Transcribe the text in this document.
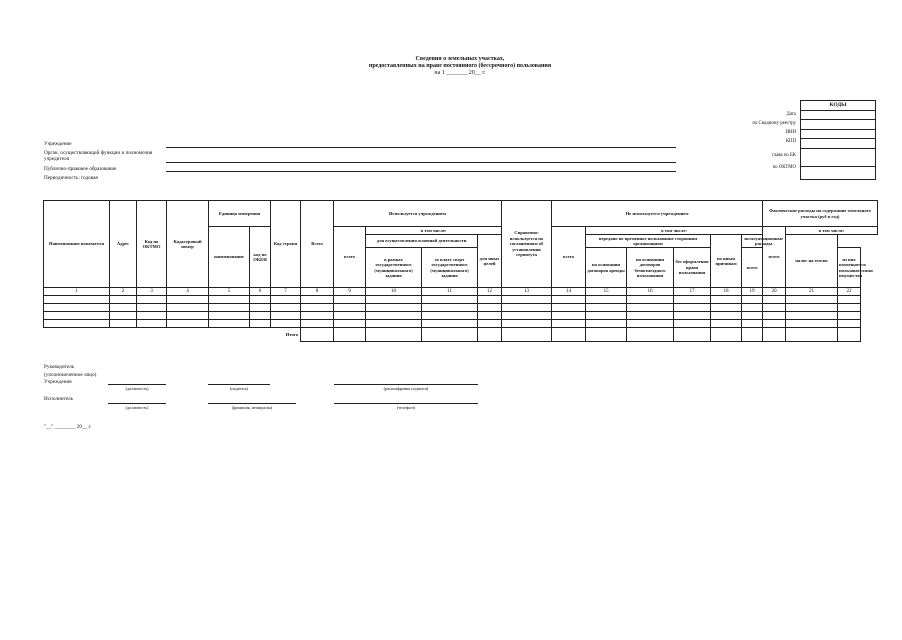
Сведения о земельных участках,
предоставленных на праве постоянного (бессрочного) пользования
на 1 _______ 20__ г.
КОДЫ

Дата
по Сводному реестру
ИНН
КПП
глава по БК
по ОКТМО
Учреждение
Орган, осуществляющий функции и полномочия учредителя
Публично-правовое образование
Периодичность: годовая
Наименование показателя	Адрес	Код по ОКТМО	Кадастровый номер	Единица измерения		Код строки	Всего	Используется учреждением				Справочно: используется по соглашениям об установлении сервитута	Не используется учреждением						Фактические расходы на содержание земельного участка (руб в год)		
				наименование	код по ОКЕИ			всего	в том числе:				всего	в том числе:					всего	в том числе:	
									для осуществления основной деятельности		для иных целей			передано во временное пользование сторонним организациям			по иным причинам	эксплуатационные расходы		налог на землю	
									в рамках государственного (муниципального) задания	за плату сверх государственного (муниципального) задания				на основании договоров аренды	на основании договоров безвозмездного пользования	без оформления права пользования		всего			из них возмещается пользователями имущества
1	2	3	4	5	6	7	8	9	10	11	12	13	14	15	16	17	18	19	20	21	22

					Итого																
Руководитель (уполномоченное лицо) Учреждения
(должность)	(подпись)	(расшифровка подписи)
Исполнитель
(должность)	(фамилия, инициалы)	(телефон)
"__" ________ 20__ г.
